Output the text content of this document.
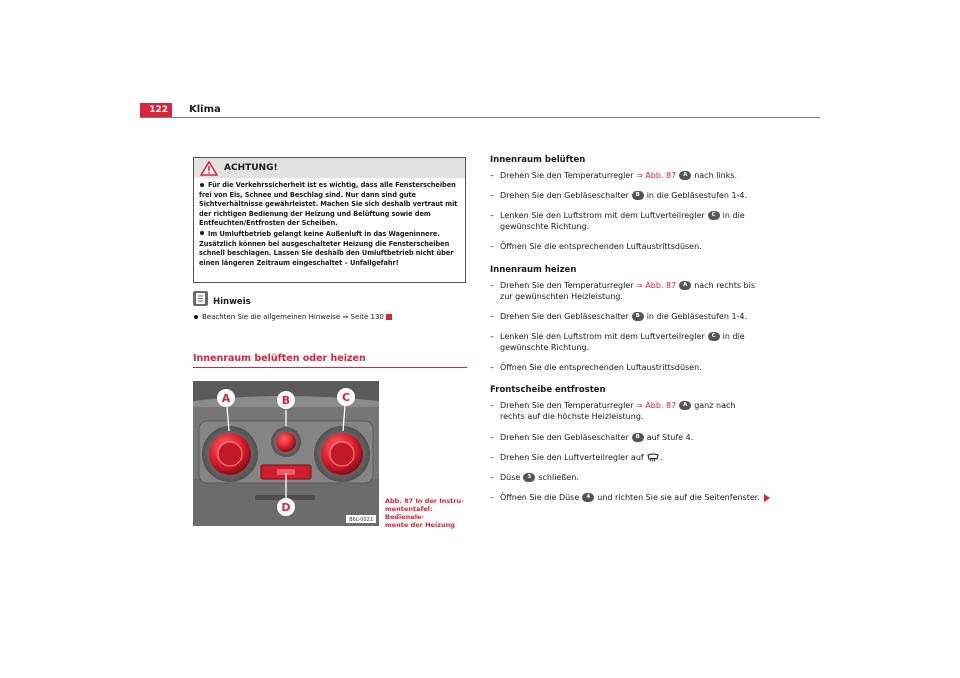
122	Klima
ACHTUNG!

Für die Verkehrssicherheit ist es wichtig, dass alle Fensterscheiben frei von Eis, Schnee und Beschlag sind. Nur dann sind gute Sichtverhältnisse gewährleistet. Machen Sie sich deshalb vertraut mit der richtigen Bedienung der Heizung und Belüftung sowie dem Entfeuchten/Entfrosten der Scheiben.

Im Umluftbetrieb gelangt keine Außenluft in das Wageninnere. Zusätzlich können bei ausgeschalteter Heizung die Fensterscheiben schnell beschlagen. Lassen Sie deshalb den Umluftbetrieb nicht über einen längeren Zeitraum eingeschaltet – Unfallgefahr!

Hinweis
Beachten Sie die allgemeinen Hinweise ⇒ Seite 130
Innenraum belüften oder heizen
A	B	C
D
B6L-0021
Abb. 87 In der Instru-
mententafel: Bedienele-
mente der Heizung
Innenraum belüften
– Drehen Sie den Temperaturregler ⇒ Abb. 87 A nach links.
– Drehen Sie den Gebläseschalter B in die Gebläsestufen 1-4.
– Lenken Sie den Luftstrom mit dem Luftverteilregler C in die
gewünschte Richtung.
– Öffnen Sie die entsprechenden Luftaustrittsdüsen.
Innenraum heizen
– Drehen Sie den Temperaturregler ⇒ Abb. 87 A nach rechts bis
zur gewünschten Heizleistung.
– Drehen Sie den Gebläseschalter B in die Gebläsestufen 1-4.
– Lenken Sie den Luftstrom mit dem Luftverteilregler C in die
gewünschte Richtung.
– Öffnen Sie die entsprechenden Luftaustrittsdüsen.
Frontscheibe entfrosten
– Drehen Sie den Temperaturregler ⇒ Abb. 87 A ganz nach
rechts auf die höchste Heizleistung.
– Drehen Sie den Gebläseschalter B auf Stufe 4.
– Drehen Sie den Luftverteilregler auf .
– Düse 3 schließen.
– Öffnen Sie die Düse 4 und richten Sie sie auf die Seitenfenster.
